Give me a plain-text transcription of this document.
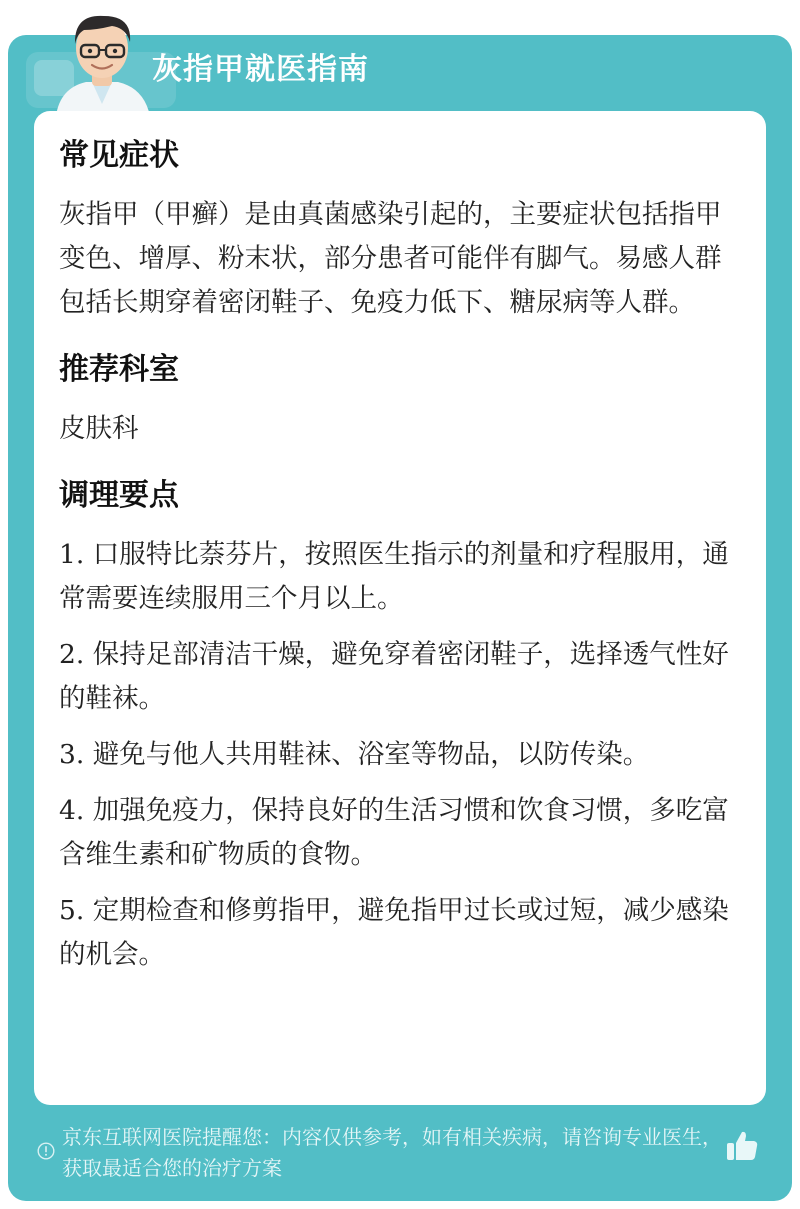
灰指甲就医指南
常见症状

灰指甲（甲癣）是由真菌感染引起的，主要症状包括指甲变色、增厚、粉末状，部分患者可能伴有脚气。易感人群包括长期穿着密闭鞋子、免疫力低下、糖尿病等人群。

推荐科室

皮肤科

调理要点

1. 口服特比萘芬片，按照医生指示的剂量和疗程服用，通常需要连续服用三个月以上。

2. 保持足部清洁干燥，避免穿着密闭鞋子，选择透气性好的鞋袜。

3. 避免与他人共用鞋袜、浴室等物品，以防传染。

4. 加强免疫力，保持良好的生活习惯和饮食习惯，多吃富含维生素和矿物质的食物。

5. 定期检查和修剪指甲，避免指甲过长或过短，减少感染的机会。

京东互联网医院提醒您：内容仅供参考，如有相关疾病，请咨询专业医生，获取最适合您的治疗方案
